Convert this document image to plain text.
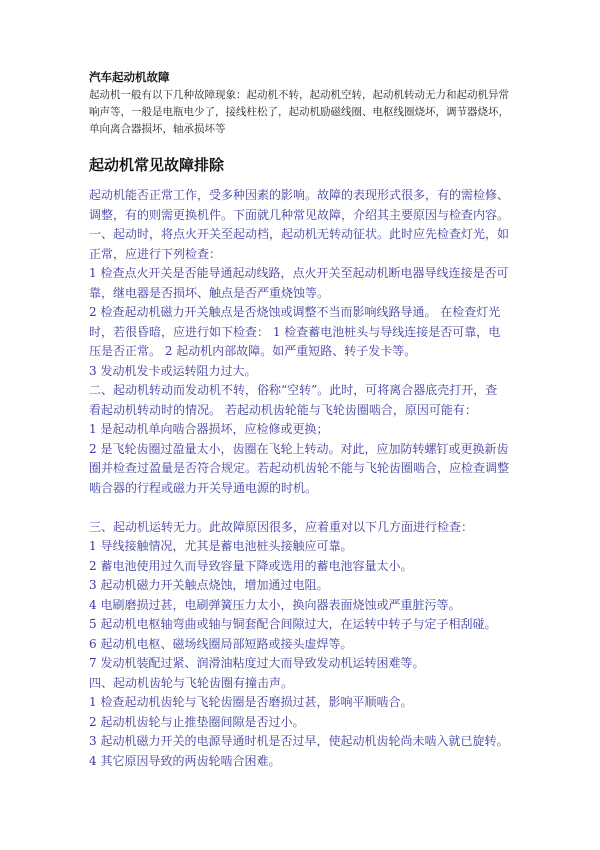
汽车起动机故障

起动机一般有以下几种故障现象：起动机不转，起动机空转，起动机转动无力和起动机异常

响声等，一般是电瓶电少了，接线柱松了，起动机励磁线圈、电枢线圈烧坏，调节器烧坏，

单向离合器损坏，轴承损坏等

起动机常见故障排除

起动机能否正常工作，受多种因素的影响。故障的表现形式很多，有的需检修、

调整，有的则需更换机件。下面就几种常见故障，介绍其主要原因与检查内容。

一、起动时，将点火开关至起动档，起动机无转动征状。此时应先检查灯光，如

正常，应进行下列检查：

1 检查点火开关是否能导通起动线路，点火开关至起动机断电器导线连接是否可

靠，继电器是否损坏、触点是否严重烧蚀等。

2 检查起动机磁力开关触点是否烧蚀或调整不当而影响线路导通。 在检查灯光

时，若很昏暗，应进行如下检查： 1 检查蓄电池桩头与导线连接是否可靠，电

压是否正常。 2 起动机内部故障。如严重短路、转子发卡等。

3 发动机发卡或运转阻力过大。

二、起动机转动而发动机不转，俗称“空转”。此时，可将离合器底壳打开，查

看起动机转动时的情况。 若起动机齿轮能与飞轮齿圈啮合，原因可能有：

1 是起动机单向啮合器损坏，应检修或更换；

2 是飞轮齿圈过盈量太小，齿圈在飞轮上转动。对此，应加防转螺钉或更换新齿

圈并检查过盈量是否符合规定。若起动机齿轮不能与飞轮齿圈啮合，应检查调整

啮合器的行程或磁力开关导通电源的时机。

三、起动机运转无力。此故障原因很多，应着重对以下几方面进行检查：

1 导线接触情况，尤其是蓄电池桩头接触应可靠。

2 蓄电池使用过久而导致容量下降或选用的蓄电池容量太小。

3 起动机磁力开关触点烧蚀，增加通过电阻。

4 电刷磨损过甚，电刷弹簧压力太小，换向器表面烧蚀或严重脏污等。

5 起动机电枢轴弯曲或轴与铜套配合间隙过大，在运转中转子与定子相刮碰。

6 起动机电枢、磁场线圈局部短路或接头虚焊等。

7 发动机装配过紧、润滑油粘度过大而导致发动机运转困难等。

四、起动机齿轮与飞轮齿圈有撞击声。

1 检查起动机齿轮与飞轮齿圈是否磨损过甚，影响平顺啮合。

2 起动机齿轮与止推垫圈间隙是否过小。

3 起动机磁力开关的电源导通时机是否过早，使起动机齿轮尚未啮入就已旋转。

4 其它原因导致的两齿轮啮合困难。
